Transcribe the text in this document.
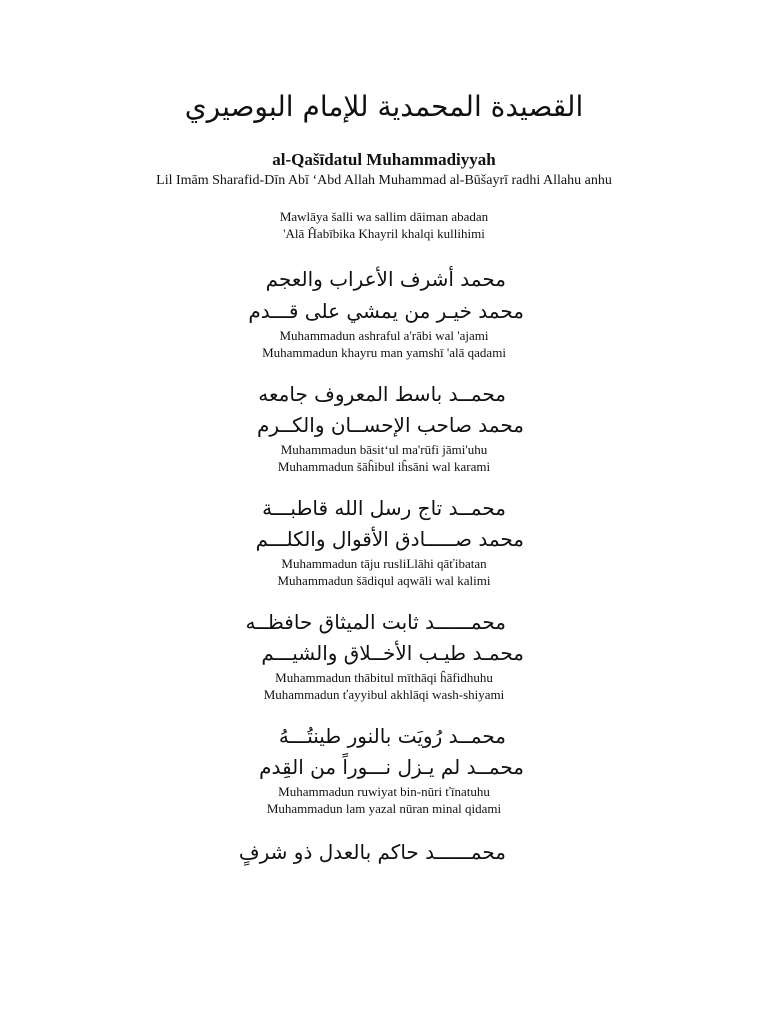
القصيدة المحمدية للإمام البوصيري
al-Qašīdatul Muhammadiyyah
Lil Imām Sharafid-Dīn Abī ʻAbd Allah Muhammad al-Būšayrī radhi Allahu anhu
Mawlāya šalli wa sallim dāiman abadan
'Alā Ĥabībika Khayril khalqi kullihimi
محمد أشرف الأعراب والعجم
محمد خيـر من يمشي على قـــدم
Muhammadun ashraful a'rābi wal 'ajami
Muhammadun khayru man yamshī 'alā qadami
محمــد باسط المعروف جامعه
محمد صاحب الإحســان والكــرم
Muhammadun bāsitʻul ma'rūfi jāmi'uhu
Muhammadun šāĥibul iĥsāni wal karami
محمــد تاج رسل الله قاطبـــة
محمد صـــــادق الأقوال والكلـــم
Muhammadun tāju rusliLlāhi qāťibatan
Muhammadun šādiqul aqwāli wal kalimi
محمــــــد ثابت الميثاق حافظــه
محمـد طيـب الأخــلاق والشيـــم
Muhammadun thābitul mīthāqi ĥāfidhuhu
Muhammadun ťayyibul akhlāqi wash-shiyami
محمــد رُويَت بالنور طينتُـــهُ
محمــد لم يـزل نـــوراً من القِدم
Muhammadun ruwiyat bin-nūri ťīnatuhu
Muhammadun lam yazal nūran minal qidami
محمــــــد حاكم بالعدل ذو شرفٍ
